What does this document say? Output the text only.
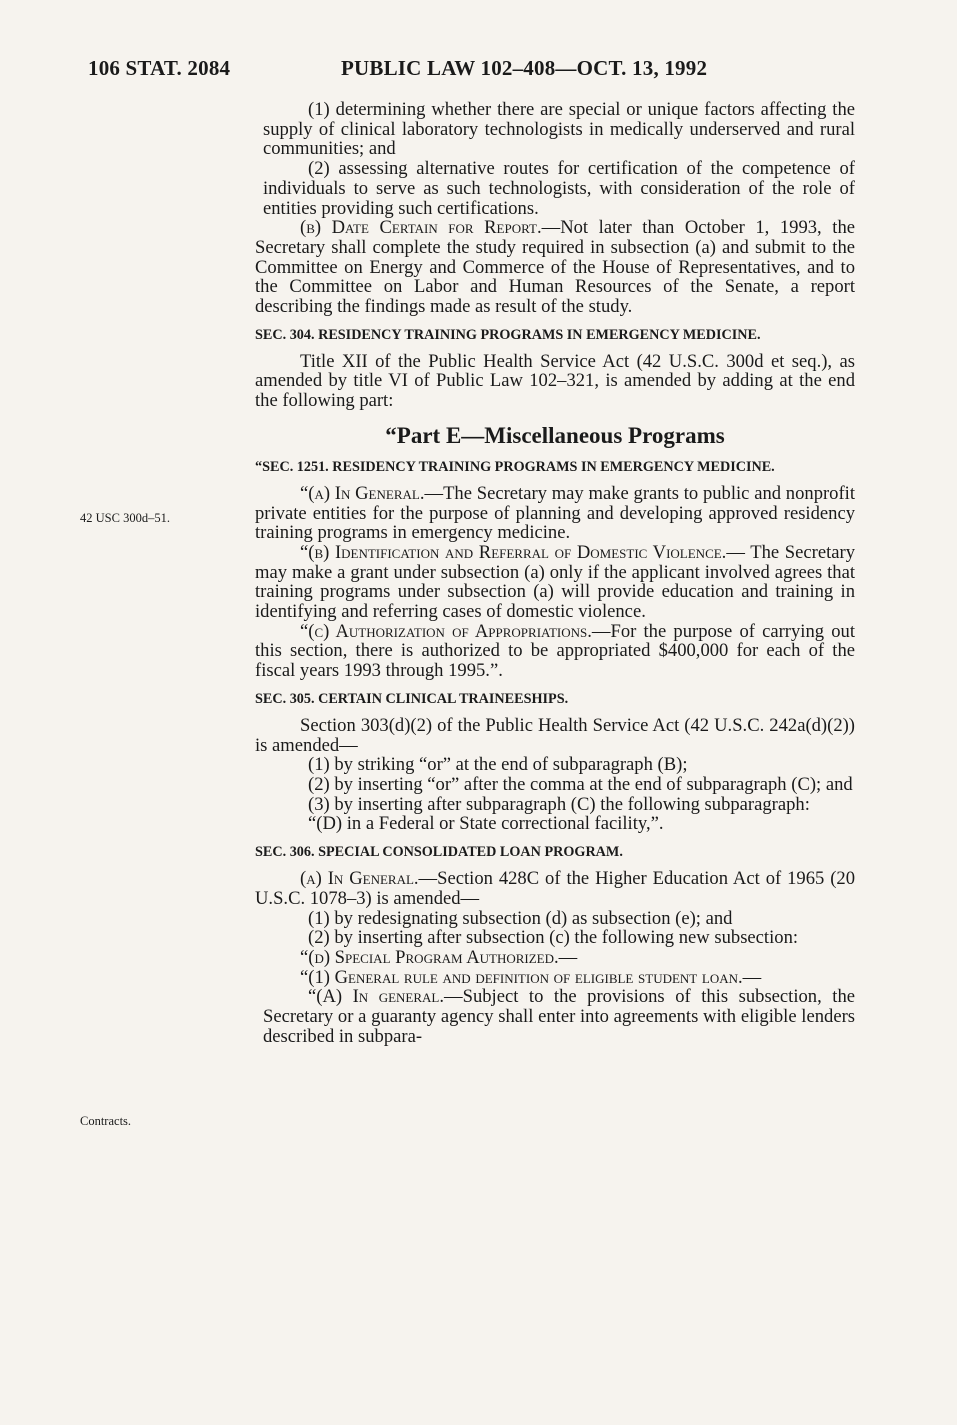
106 STAT. 2084	PUBLIC LAW 102–408—OCT. 13, 1992
42 USC 300d–51.
Contracts.

(1) determining whether there are special or unique factors affecting the supply of clinical laboratory technologists in medically underserved and rural communities; and

(2) assessing alternative routes for certification of the competence of individuals to serve as such technologists, with consideration of the role of entities providing such certifications.

(b) Date Certain for Report.—Not later than October 1, 1993, the Secretary shall complete the study required in subsection (a) and submit to the Committee on Energy and Commerce of the House of Representatives, and to the Committee on Labor and Human Resources of the Senate, a report describing the findings made as result of the study.

SEC. 304. RESIDENCY TRAINING PROGRAMS IN EMERGENCY MEDICINE.

Title XII of the Public Health Service Act (42 U.S.C. 300d et seq.), as amended by title VI of Public Law 102–321, is amended by adding at the end the following part:

“Part E—Miscellaneous Programs
“SEC. 1251. RESIDENCY TRAINING PROGRAMS IN EMERGENCY MEDICINE.

“(a) In General.—The Secretary may make grants to public and nonprofit private entities for the purpose of planning and developing approved residency training programs in emergency medicine.

“(b) Identification and Referral of Domestic Violence.— The Secretary may make a grant under subsection (a) only if the applicant involved agrees that training programs under subsection (a) will provide education and training in identifying and referring cases of domestic violence.

“(c) Authorization of Appropriations.—For the purpose of carrying out this section, there is authorized to be appropriated $400,000 for each of the fiscal years 1993 through 1995.”.

SEC. 305. CERTAIN CLINICAL TRAINEESHIPS.

Section 303(d)(2) of the Public Health Service Act (42 U.S.C. 242a(d)(2)) is amended—

(1) by striking “or” at the end of subparagraph (B);

(2) by inserting “or” after the comma at the end of subparagraph (C); and

(3) by inserting after subparagraph (C) the following subparagraph:

“(D) in a Federal or State correctional facility,”.

SEC. 306. SPECIAL CONSOLIDATED LOAN PROGRAM.

(a) In General.—Section 428C of the Higher Education Act of 1965 (20 U.S.C. 1078–3) is amended—

(1) by redesignating subsection (d) as subsection (e); and

(2) by inserting after subsection (c) the following new subsection:

“(d) Special Program Authorized.—

“(1) General rule and definition of eligible student loan.—

“(A) In general.—Subject to the provisions of this subsection, the Secretary or a guaranty agency shall enter into agreements with eligible lenders described in subpara-
